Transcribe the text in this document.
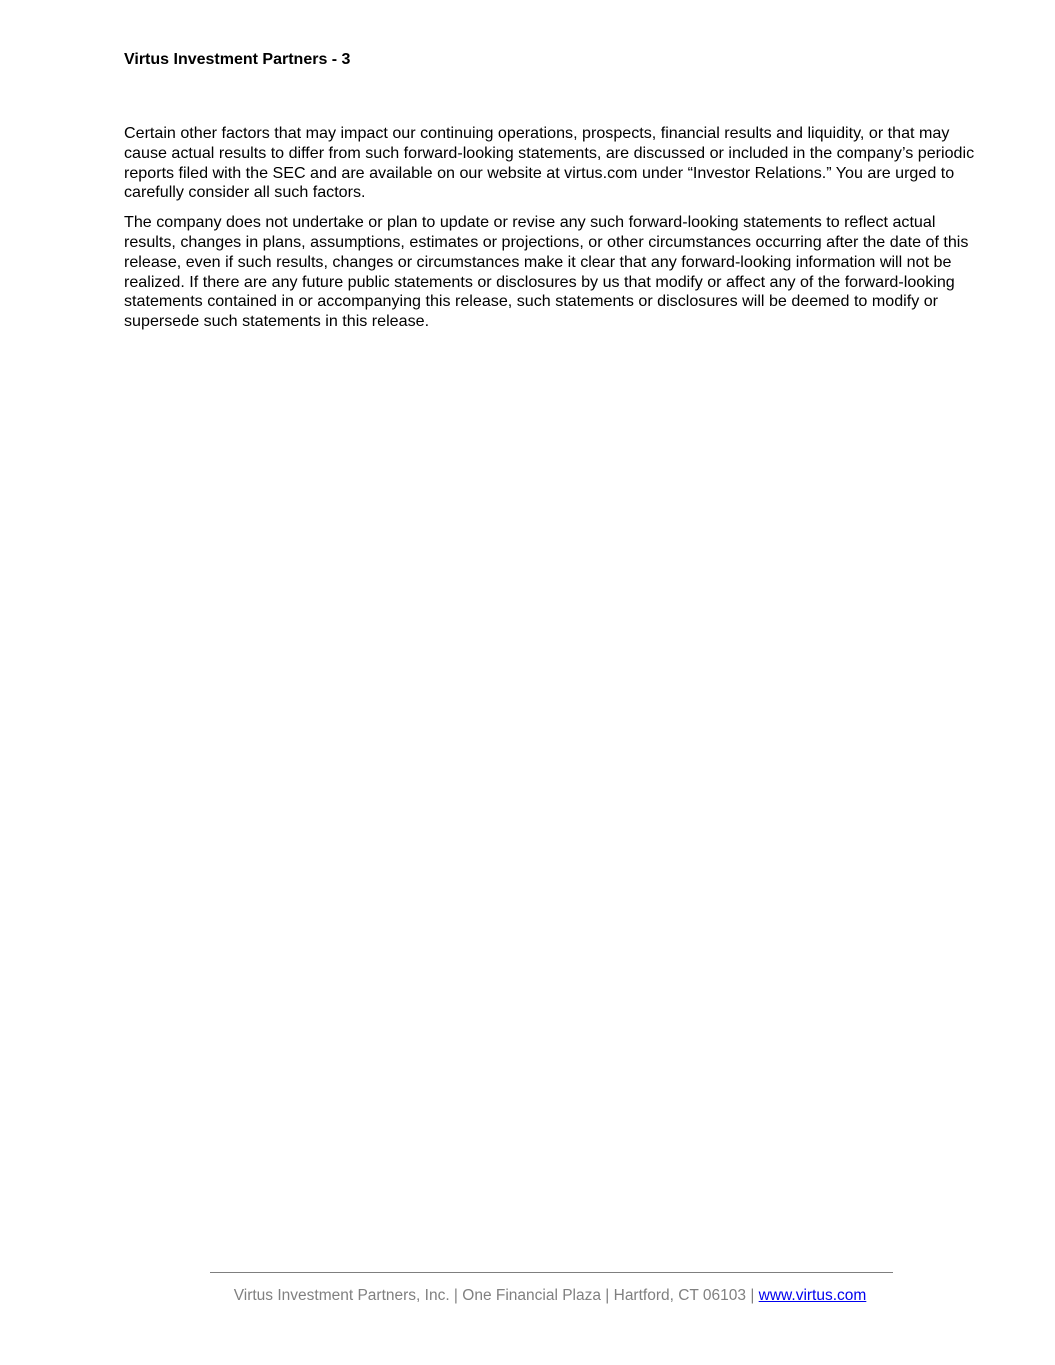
Virtus Investment Partners - 3

Certain other factors that may impact our continuing operations, prospects, financial results and liquidity, or that may cause actual results to differ from such forward-looking statements, are discussed or included in the company’s periodic reports filed with the SEC and are available on our website at virtus.com under “Investor Relations.” You are urged to carefully consider all such factors.

The company does not undertake or plan to update or revise any such forward-looking statements to reflect actual results, changes in plans, assumptions, estimates or projections, or other circumstances occurring after the date of this release, even if such results, changes or circumstances make it clear that any forward-looking information will not be realized. If there are any future public statements or disclosures by us that modify or affect any of the forward-looking statements contained in or accompanying this release, such statements or disclosures will be deemed to modify or supersede such statements in this release.

Virtus Investment Partners, Inc. | One Financial Plaza | Hartford, CT 06103 | www.virtus.com
